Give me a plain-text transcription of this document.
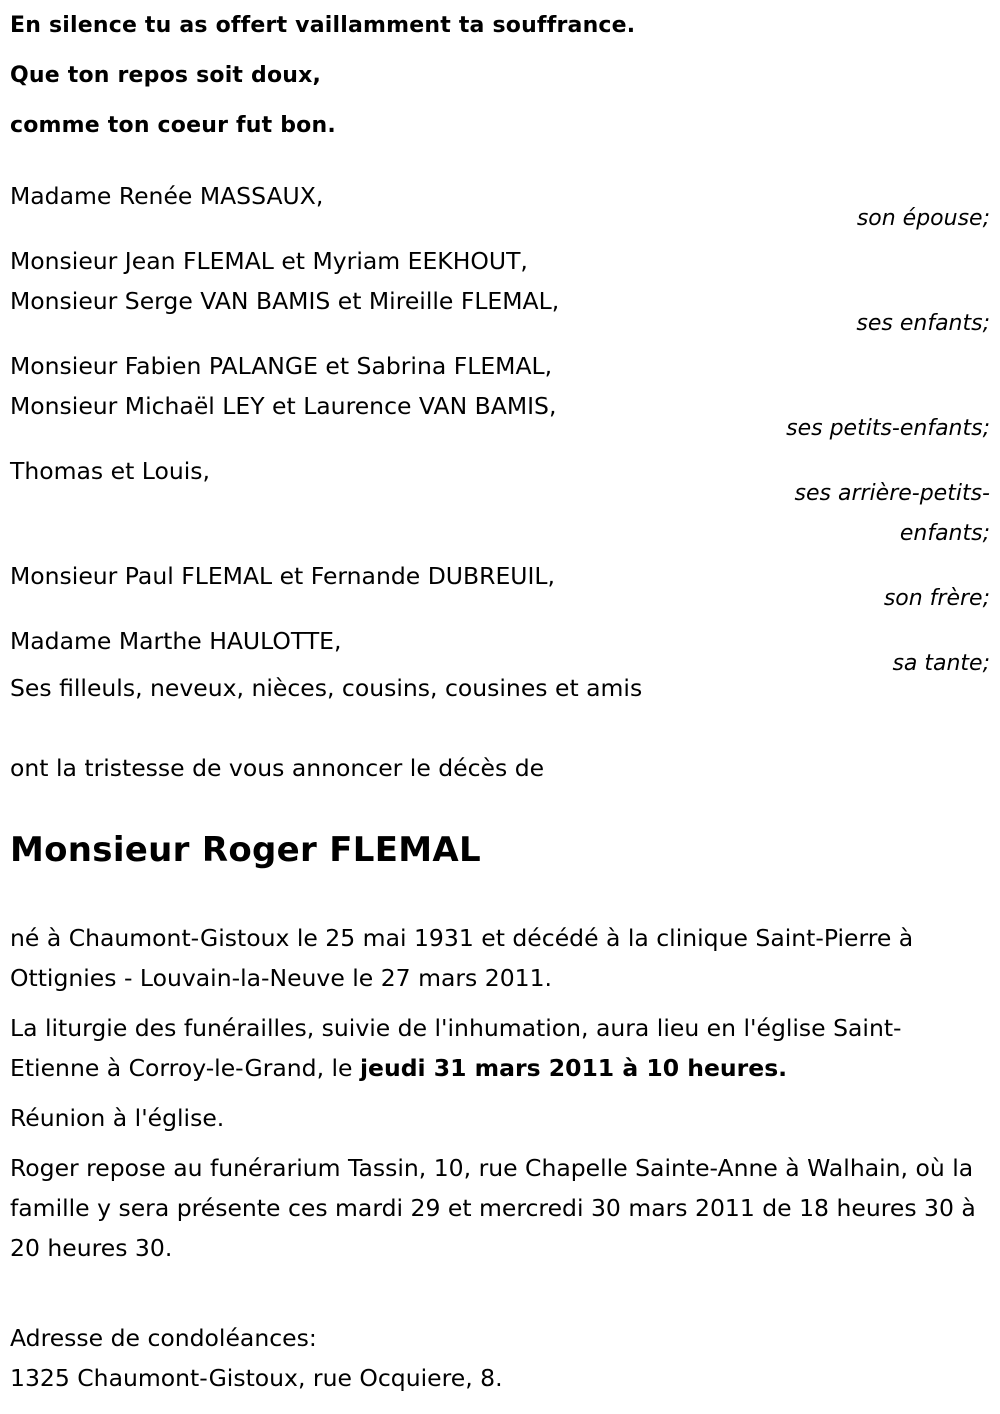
En silence tu as offert vaillamment ta souffrance.
Que ton repos soit doux,
comme ton coeur fut bon.
Madame Renée MASSAUX,
son épouse;
Monsieur Jean FLEMAL et Myriam EEKHOUT,
Monsieur Serge VAN BAMIS et Mireille FLEMAL,
ses enfants;
Monsieur Fabien PALANGE et Sabrina FLEMAL,
Monsieur Michaël LEY et Laurence VAN BAMIS,
ses petits-enfants;
Thomas et Louis,
ses arrière-petits-enfants;
Monsieur Paul FLEMAL et Fernande DUBREUIL,
son frère;
Madame Marthe HAULOTTE,
sa tante;
Ses filleuls, neveux, nièces, cousins, cousines et amis
ont la tristesse de vous annoncer le décès de
Monsieur Roger FLEMAL
né à Chaumont-Gistoux le 25 mai 1931 et décédé à la clinique Saint-Pierre à Ottignies - Louvain-la-Neuve le 27 mars 2011.
La liturgie des funérailles, suivie de l'inhumation, aura lieu en l'église Saint-Etienne à Corroy-le-Grand, le jeudi 31 mars 2011 à 10 heures.
Réunion à l'église.
Roger repose au funérarium Tassin, 10, rue Chapelle Sainte-Anne à Walhain, où la famille y sera présente ces mardi 29 et mercredi 30 mars 2011 de 18 heures 30 à 20 heures 30.
Adresse de condoléances:
1325 Chaumont-Gistoux, rue Ocquiere, 8.
